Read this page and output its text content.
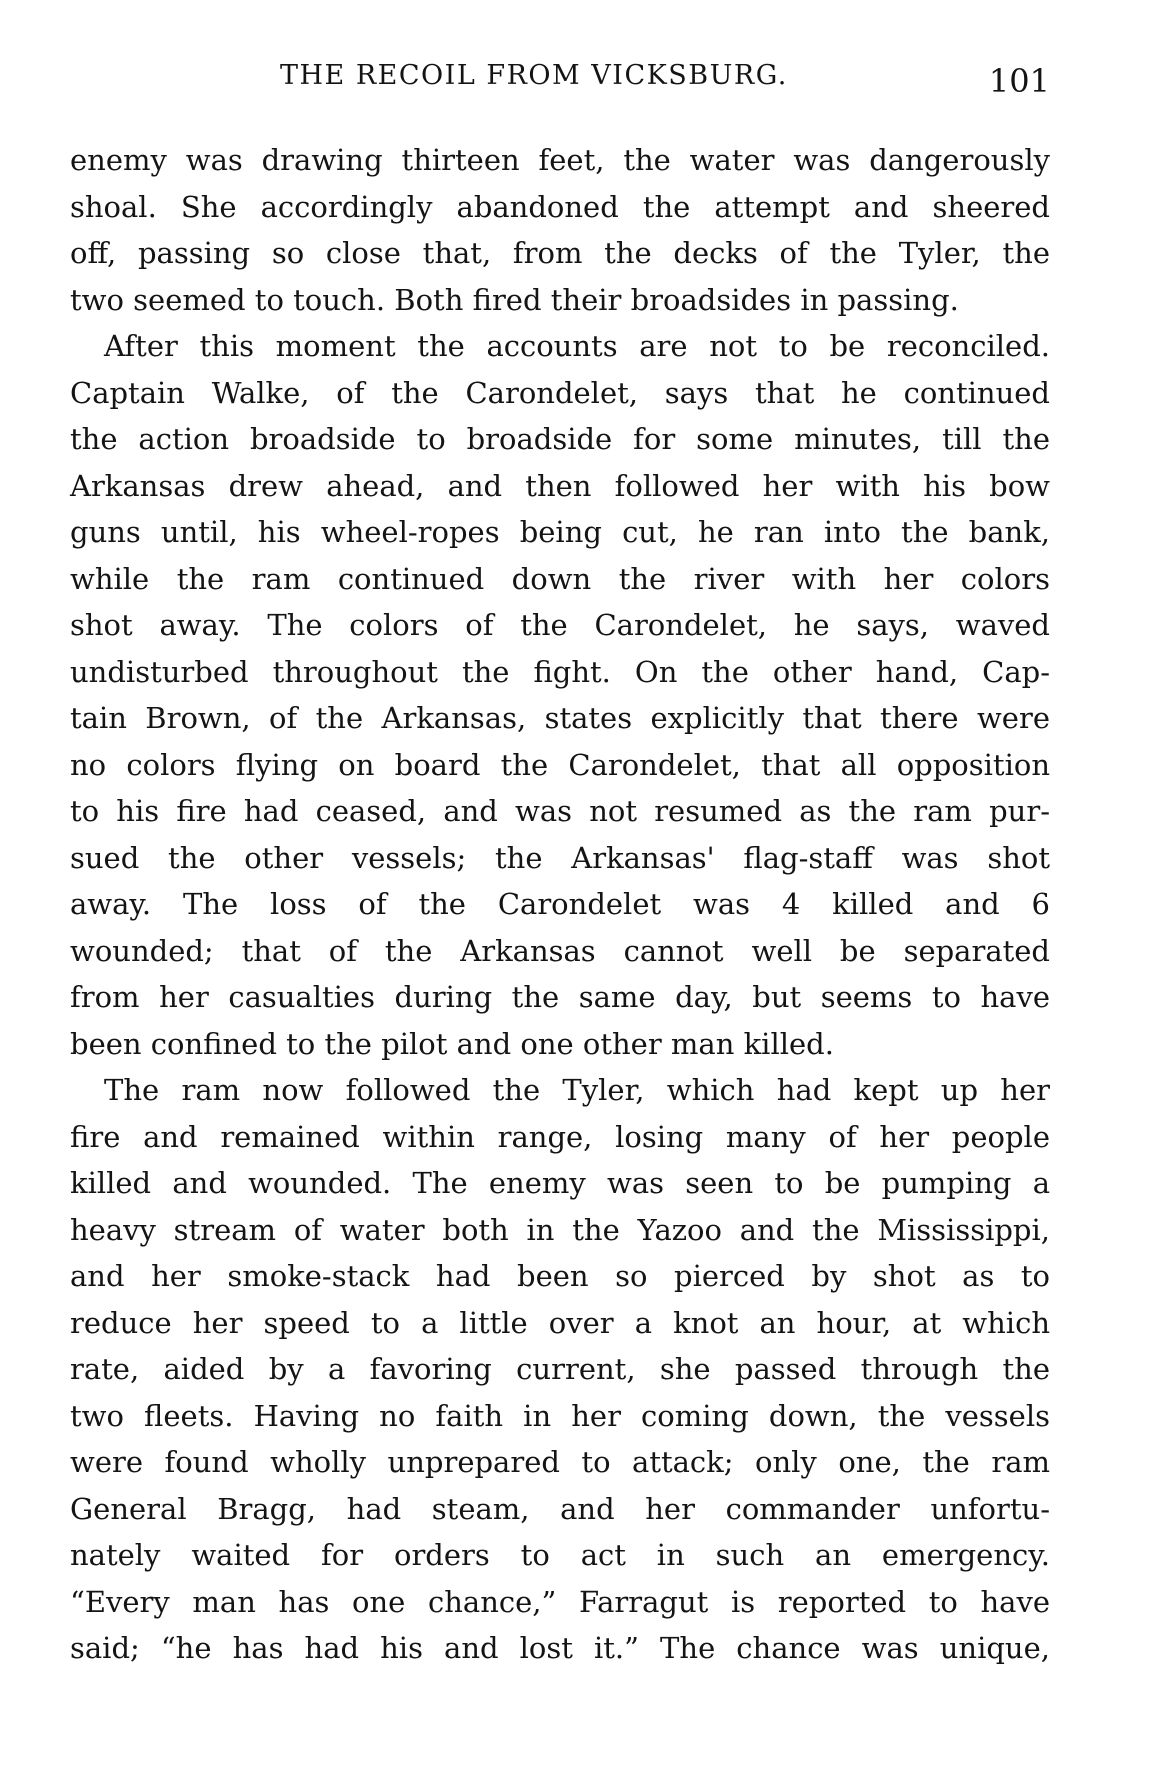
THE RECOIL FROM VICKSBURG.	101
enemy was drawing thirteen feet, the water was dangerously
shoal. She accordingly abandoned the attempt and sheered
off, passing so close that, from the decks of the Tyler, the
two seemed to touch. Both fired their broadsides in passing.
After this moment the accounts are not to be reconciled.
Captain Walke, of the Carondelet, says that he continued
the action broadside to broadside for some minutes, till the
Arkansas drew ahead, and then followed her with his bow
guns until, his wheel-ropes being cut, he ran into the bank,
while the ram continued down the river with her colors
shot away. The colors of the Carondelet, he says, waved
undisturbed throughout the fight. On the other hand, Cap-
tain Brown, of the Arkansas, states explicitly that there were
no colors flying on board the Carondelet, that all opposition
to his fire had ceased, and was not resumed as the ram pur-
sued the other vessels; the Arkansas' flag-staff was shot
away. The loss of the Carondelet was 4 killed and 6
wounded; that of the Arkansas cannot well be separated
from her casualties during the same day, but seems to have
been confined to the pilot and one other man killed.
The ram now followed the Tyler, which had kept up her
fire and remained within range, losing many of her people
killed and wounded. The enemy was seen to be pumping a
heavy stream of water both in the Yazoo and the Mississippi,
and her smoke-stack had been so pierced by shot as to
reduce her speed to a little over a knot an hour, at which
rate, aided by a favoring current, she passed through the
two fleets. Having no faith in her coming down, the vessels
were found wholly unprepared to attack; only one, the ram
General Bragg, had steam, and her commander unfortu-
nately waited for orders to act in such an emergency.
“Every man has one chance,” Farragut is reported to have
said; “he has had his and lost it.” The chance was unique,
